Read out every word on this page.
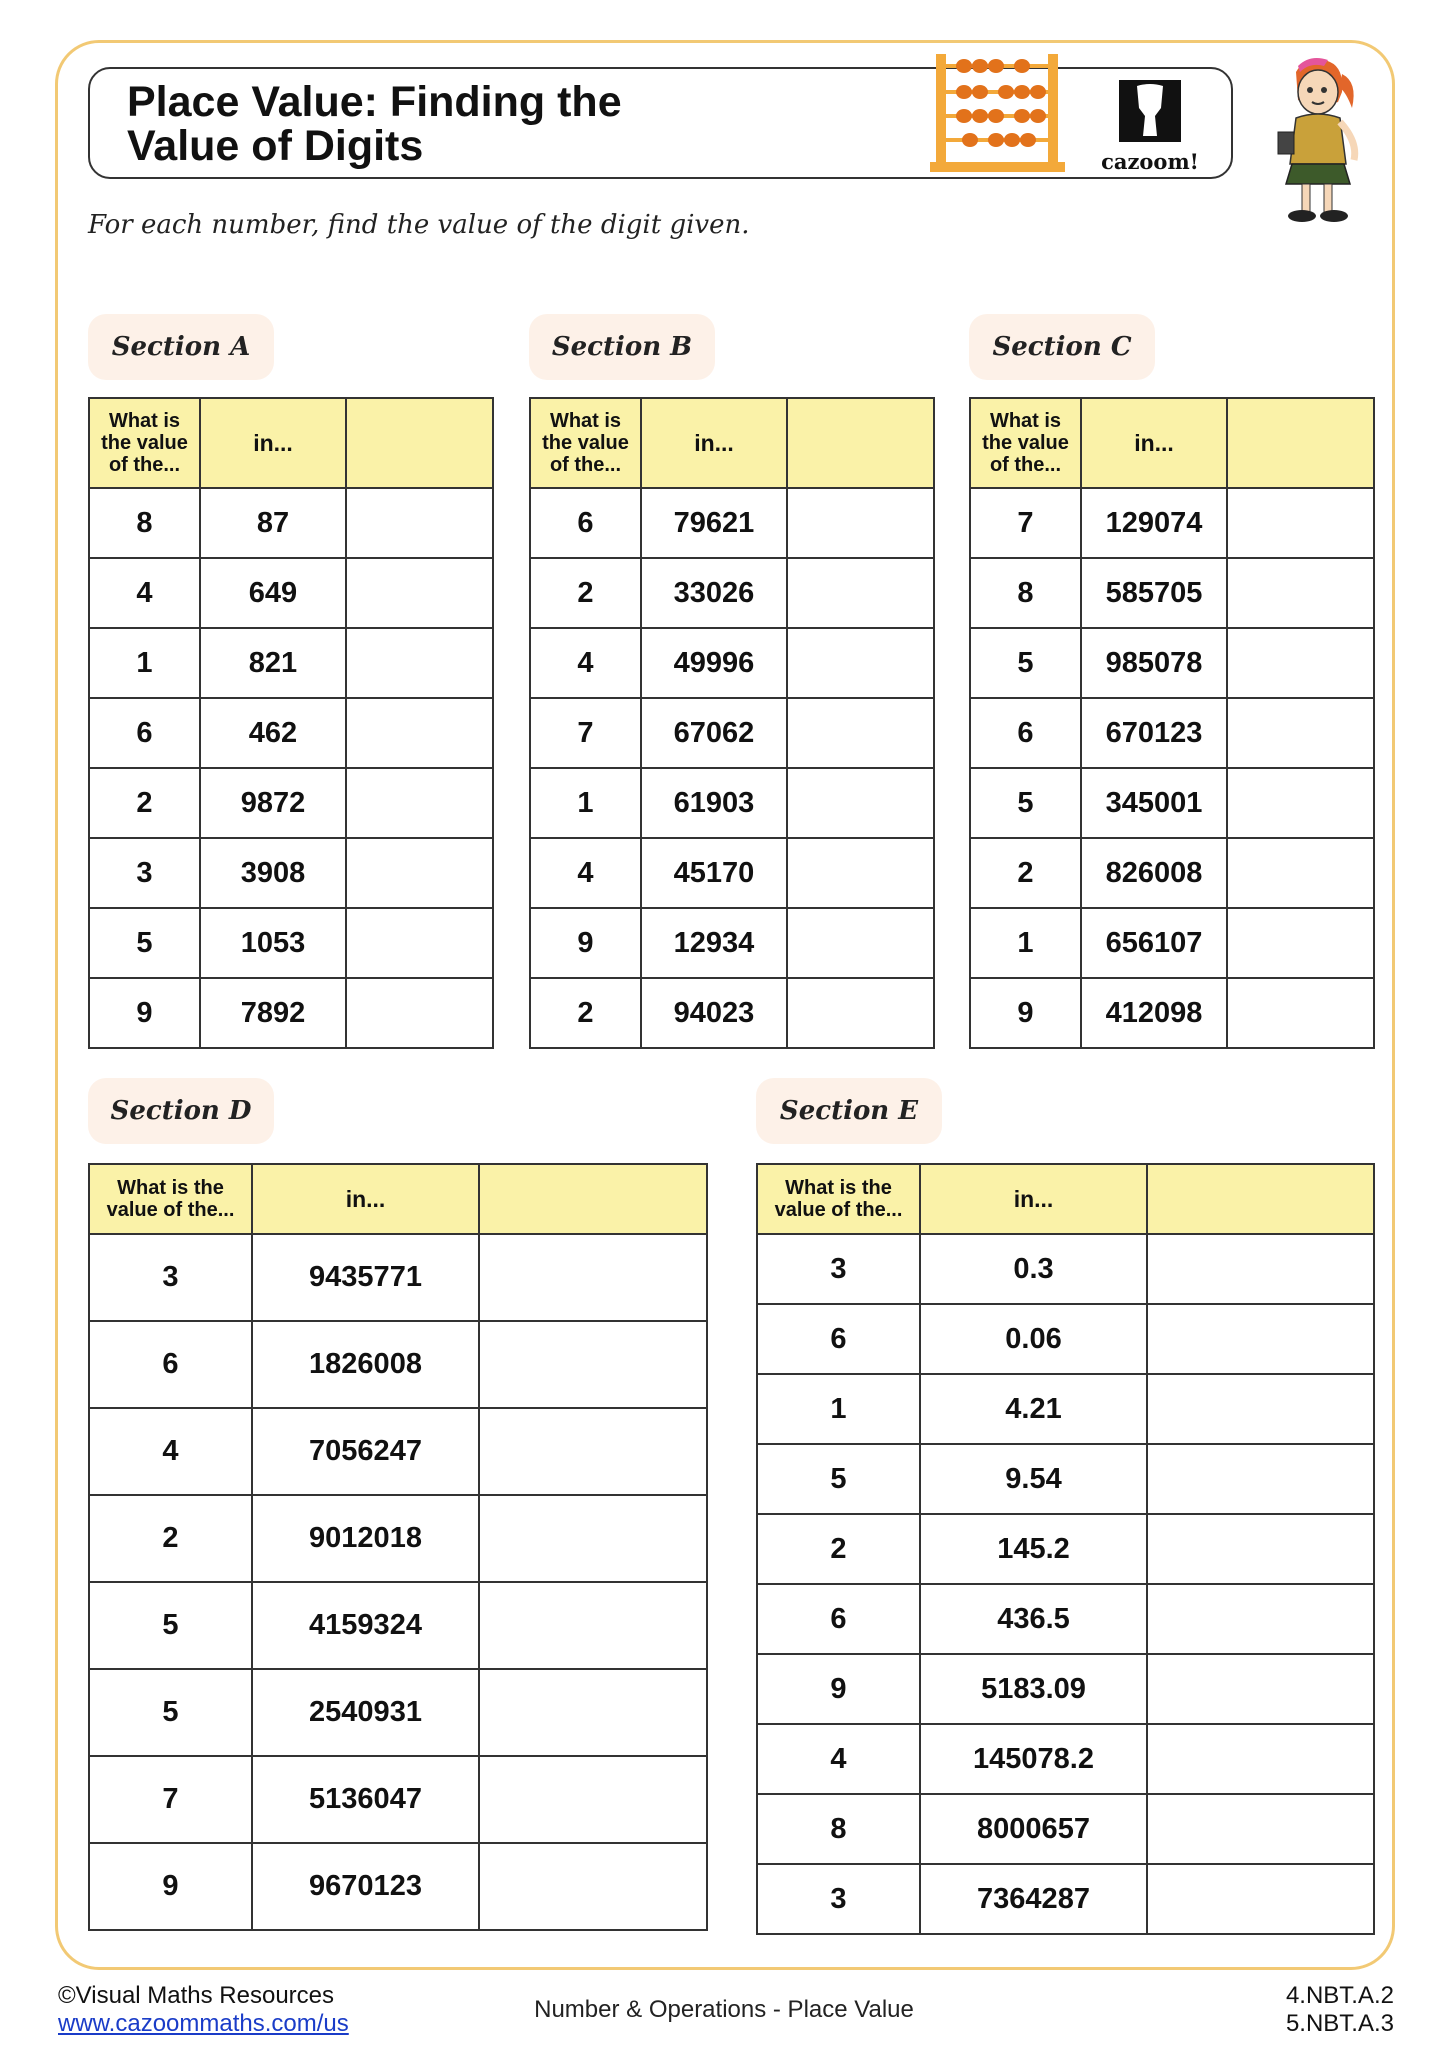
Place Value: Finding the
Value of Digits	cazoom!
For each number, find the value of the digit given.
Section A	Section B	Section C
Section D	Section E
What is
the value
of the...	in...	
8	87	
4	649	
1	821	
6	462	
2	9872	
3	3908	
5	1053	
9	7892	
What is
the value
of the...	in...	
6	79621	
2	33026	
4	49996	
7	67062	
1	61903	
4	45170	
9	12934	
2	94023	
What is
the value
of the...	in...	
7	129074	
8	585705	
5	985078	
6	670123	
5	345001	
2	826008	
1	656107	
9	412098	
What is the
value of the...	in...	
3	9435771	
6	1826008	
4	7056247	
2	9012018	
5	4159324	
5	2540931	
7	5136047	
9	9670123	
What is the
value of the...	in...	
3	0.3	
6	0.06	
1	4.21	
5	9.54	
2	145.2	
6	436.5	
9	5183.09	
4	145078.2	
8	8000657	
3	7364287	
©Visual Maths Resources
www.cazoommaths.com/us
Number & Operations - Place Value
4.NBT.A.2
5.NBT.A.3
